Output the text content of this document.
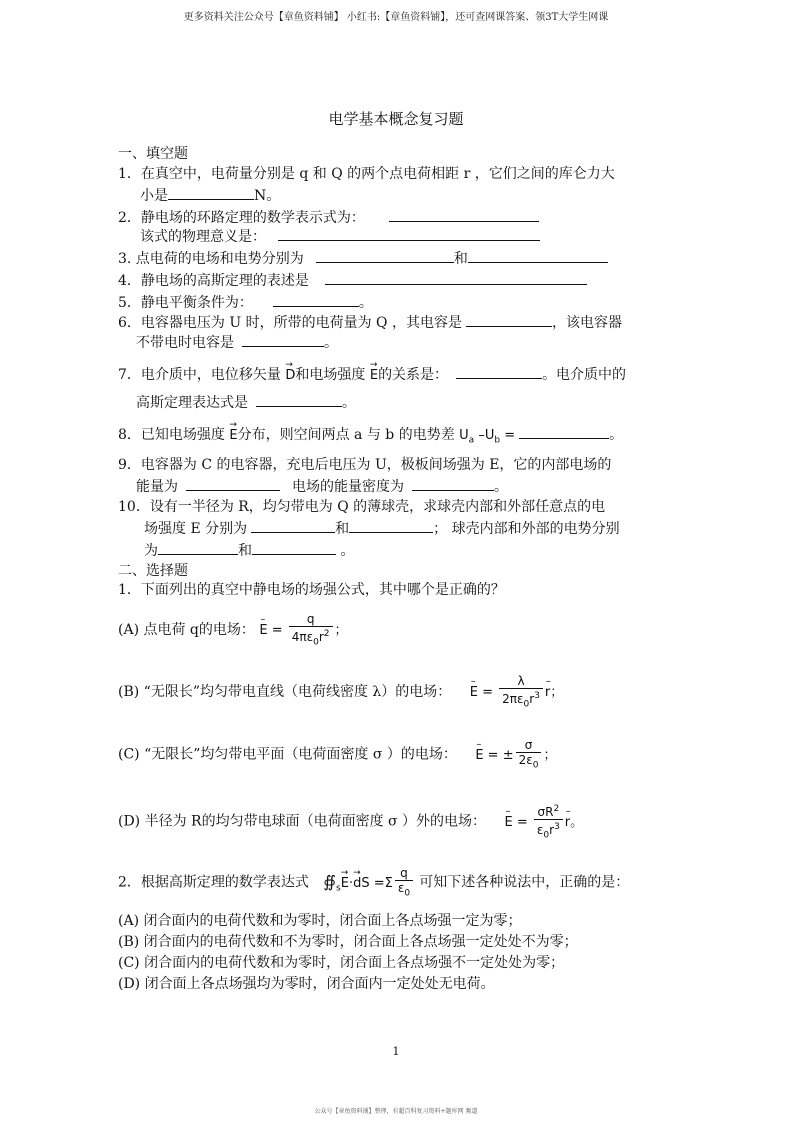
更多资料关注公众号【章鱼资料铺】 小红书:【章鱼资料铺】，还可查网课答案、领3T大学生网课
电学基本概念复习题
一、填空题
1．在真空中，电荷量分别是 q 和 Q 的两个点电荷相距 r ，它们之间的库仑力大
小是	N。
2．静电场的环路定理的数学表示式为：
该式的物理意义是：
3. 点电荷的电场和电势分别为	和
4．静电场的高斯定理的表述是
5．静电平衡条件为：	。
6．电容器电压为 U 时，所带的电荷量为 Q ，其电容是	，该电容器
不带电时电容是	。
7．电介质中，电位移矢量 → D和电场强度 → E的关系是：	。电介质中的
高斯定理表达式是	。
8．已知电场强度 → E分布，则空间两点 a 与 b 的电势差 $U_a$ $-U_b$ =	。
9．电容器为 C 的电容器，充电后电压为 U，极板间场强为 E，它的内部电场的
能量为	电场的能量密度为	。
10．设有一半径为 R，均匀带电为 Q 的薄球壳，求球壳内部和外部任意点的电
场强度 E 分别为	和	； 球壳内部和外部的电势分别
为	和	。
二、选择题
1．下面列出的真空中静电场的场强公式，其中哪个是正确的？
(A) 点电荷 q的电场： – $E = \frac{q}{4\pi\varepsilon_0r^2}$ ；
(B) “无限长”均匀带电直线（电荷线密度 λ）的电场： – $E = \frac{\lambda}{2\pi\varepsilon_0r^3}$
– r；
(C) “无限长”均匀带电平面（电荷面密度 σ ）的电场： – E = ± $\frac{\sigma}{2\varepsilon_0}$ ；
(D) 半径为 R的均匀带电球面（电荷面密度 σ ）外的电场： – $E = \frac{\sigma R^2}{\varepsilon_0r^3}$
– r。
2．根据高斯定理的数学表达式 $∯_s\to E\cdot\to$ dS $=\Sigma \frac{q}{\varepsilon_0}$ 可知下述各种说法中，正确的是：
(A) 闭合面内的电荷代数和为零时，闭合面上各点场强一定为零；
(B) 闭合面内的电荷代数和不为零时，闭合面上各点场强一定处处不为零；
(C) 闭合面内的电荷代数和为零时，闭合面上各点场强不一定处处为零；
(D) 闭合面上各点场强均为零时，闭合面内一定处处无电荷。
1
公众号【章鱼资料铺】整理，有超百科复习资料+题库网 频道
